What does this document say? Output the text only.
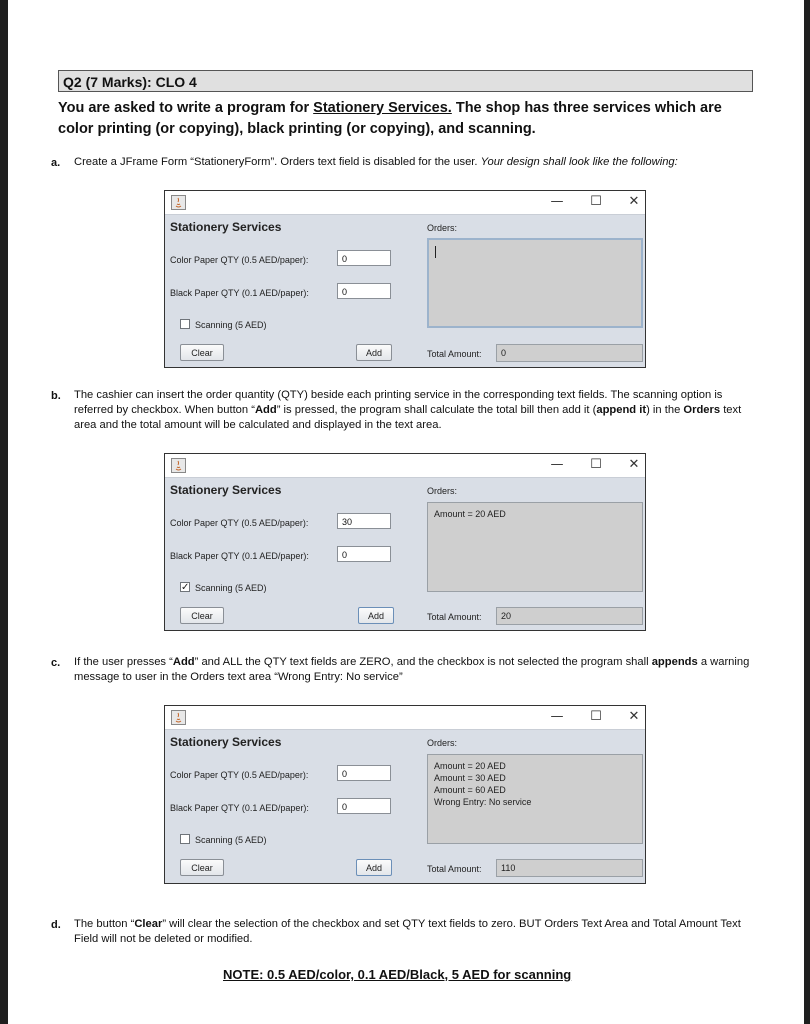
Q2 (7 Marks): CLO 4
You are asked to write a program for Stationery Services. The shop has three services which are color printing (or copying), black printing (or copying), and scanning.
a. Create a JFrame Form “StationeryForm”. Orders text field is disabled for the user. Your design shall look like the following:
—	☐	✕
Stationery Services	Orders:
Color Paper QTY (0.5 AED/paper):	0
Black Paper QTY (0.1 AED/paper):	0
Scanning (5 AED)
Clear	Add	Total Amount:	0
b. The cashier can insert the order quantity (QTY) beside each printing service in the corresponding text fields. The scanning option is referred by checkbox. When button “Add” is pressed, the program shall calculate the total bill then add it (append it) in the Orders text area and the total amount will be calculated and displayed in the text area.
—	☐	✕
Stationery Services	Orders:
Color Paper QTY (0.5 AED/paper):	30
Black Paper QTY (0.1 AED/paper):	0
✓ Scanning (5 AED)
Clear	Add
Amount = 20 AED
Total Amount:	20
c. If the user presses “Add” and ALL the QTY text fields are ZERO, and the checkbox is not selected the program shall appends a warning message to user in the Orders text area “Wrong Entry: No service”
—	☐	✕
Stationery Services	Orders:
Color Paper QTY (0.5 AED/paper):	0
Black Paper QTY (0.1 AED/paper):	0
Scanning (5 AED)
Clear	Add
Amount = 20 AED
Amount = 30 AED
Amount = 60 AED
Wrong Entry: No service
Total Amount:	110
d. The button “Clear” will clear the selection of the checkbox and set QTY text fields to zero. BUT Orders Text Area and Total Amount Text Field will not be deleted or modified.
NOTE: 0.5 AED/color, 0.1 AED/Black, 5 AED for scanning
